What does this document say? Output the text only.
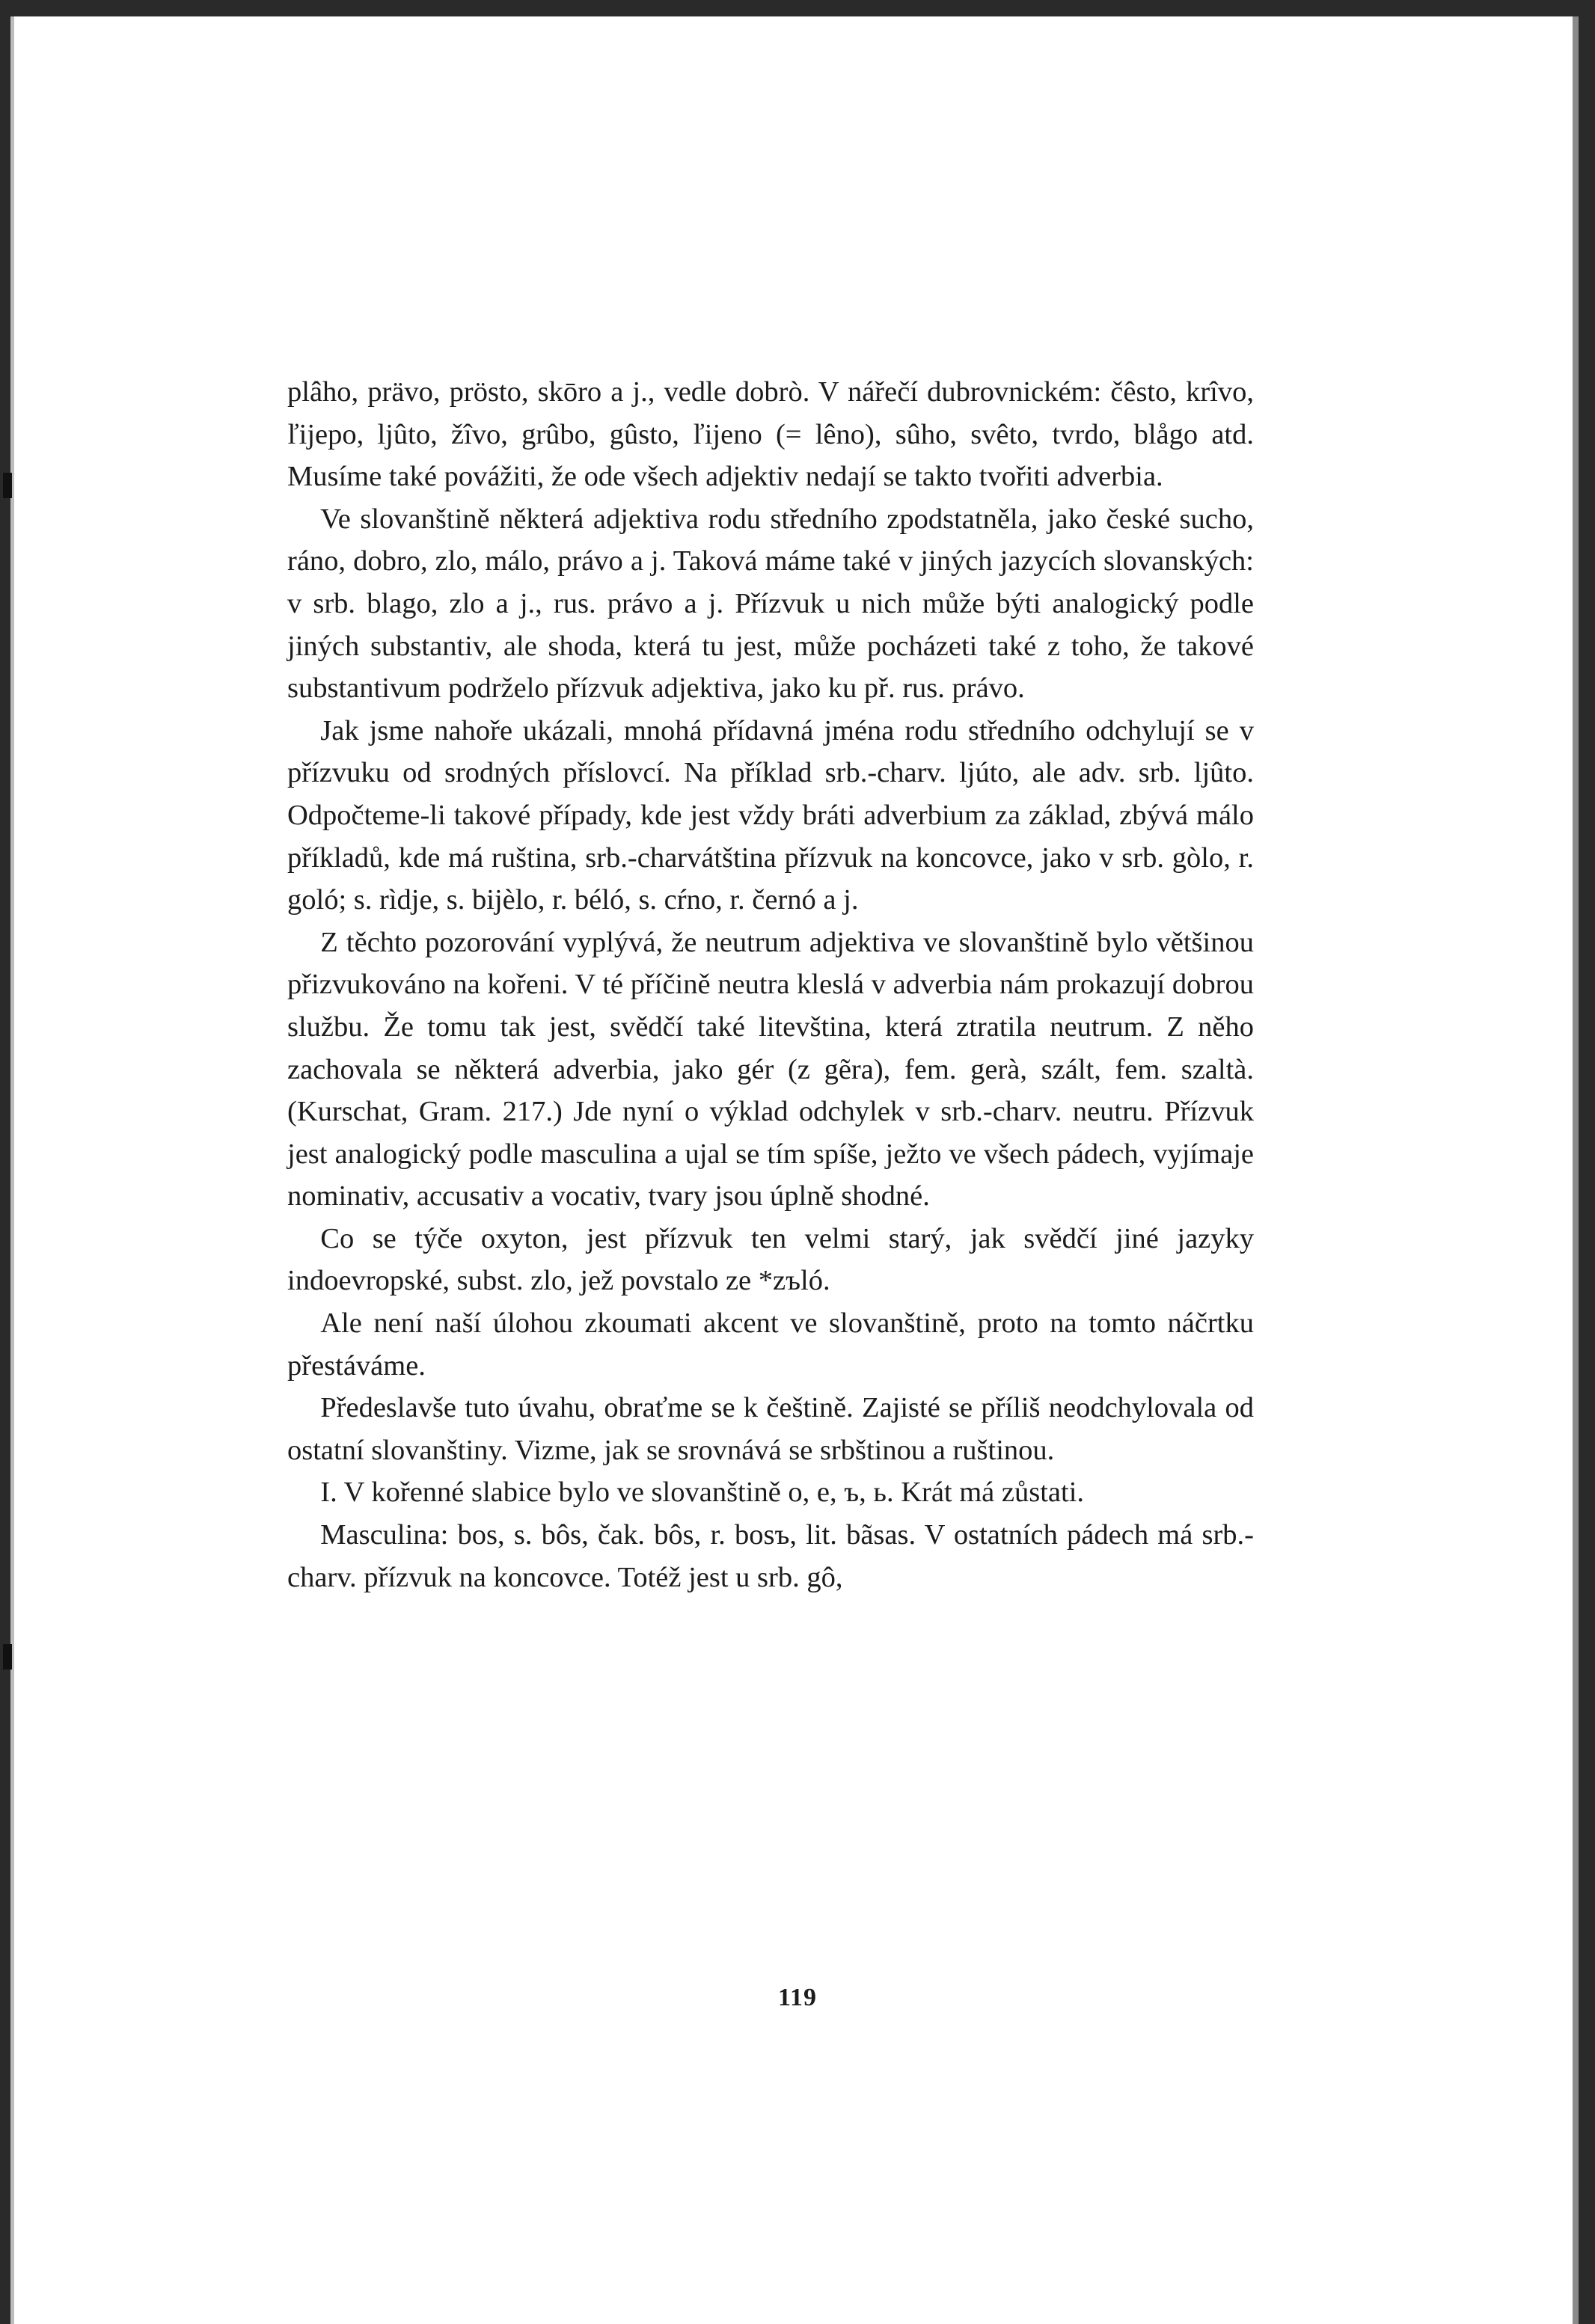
plâho, prävo, prösto, skōro a j., vedle dobrò. V nářečí dubrovnickém: čêsto, krîvo, ľijepo, ljûto, žîvo, grûbo, gûsto, ľijeno (= lêno), sûho, svêto, tvrdo, blågo atd. Musíme také povážiti, že ode všech adjektiv nedají se takto tvořiti adverbia.

Ve slovanštině některá adjektiva rodu středního zpodstatněla, jako české sucho, ráno, dobro, zlo, málo, právo a j. Taková máme také v jiných jazycích slovanských: v srb. blago, zlo a j., rus. právo a j. Přízvuk u nich může býti analogický podle jiných substantiv, ale shoda, která tu jest, může pocházeti také z toho, že takové substantivum podrželo přízvuk adjektiva, jako ku př. rus. právo.

Jak jsme nahoře ukázali, mnohá přídavná jména rodu středního odchylují se v přízvuku od srodných příslovcí. Na příklad srb.-charv. ljúto, ale adv. srb. ljûto. Odpočteme-li takové případy, kde jest vždy bráti adverbium za základ, zbývá málo příkladů, kde má ruština, srb.-charvátština přízvuk na koncovce, jako v srb. gòlo, r. goló; s. rìdje, s. bijèlo, r. béló, s. cŕno, r. černó a j.

Z těchto pozorování vyplývá, že neutrum adjektiva ve slovanštině bylo většinou přizvukováno na kořeni. V té příčině neutra kleslá v adverbia nám prokazují dobrou službu. Že tomu tak jest, svědčí také litevština, která ztratila neutrum. Z něho zachovala se některá adverbia, jako gér (z gẽra), fem. gerà, szált, fem. szaltà. (Kurschat, Gram. 217.) Jde nyní o výklad odchylek v srb.-charv. neutru. Přízvuk jest analogický podle masculina a ujal se tím spíše, ježto ve všech pádech, vyjímaje nominativ, accusativ a vocativ, tvary jsou úplně shodné.

Co se týče oxyton, jest přízvuk ten velmi starý, jak svědčí jiné jazyky indoevropské, subst. zlo, jež povstalo ze *zъló.

Ale není naší úlohou zkoumati akcent ve slovanštině, proto na tomto náčrtku přestáváme.

Předeslavše tuto úvahu, obraťme se k češtině. Zajisté se příliš neodchylovala od ostatní slovanštiny. Vizme, jak se srovnává se srbštinou a ruštinou.

I. V kořenné slabice bylo ve slovanštině o, e, ъ, ь. Krát má zůstati.

Masculina: bos, s. bôs, čak. bôs, r. bosъ, lit. bãsas. V ostatních pádech má srb.-charv. přízvuk na koncovce. Totéž jest u srb. gô,

119
